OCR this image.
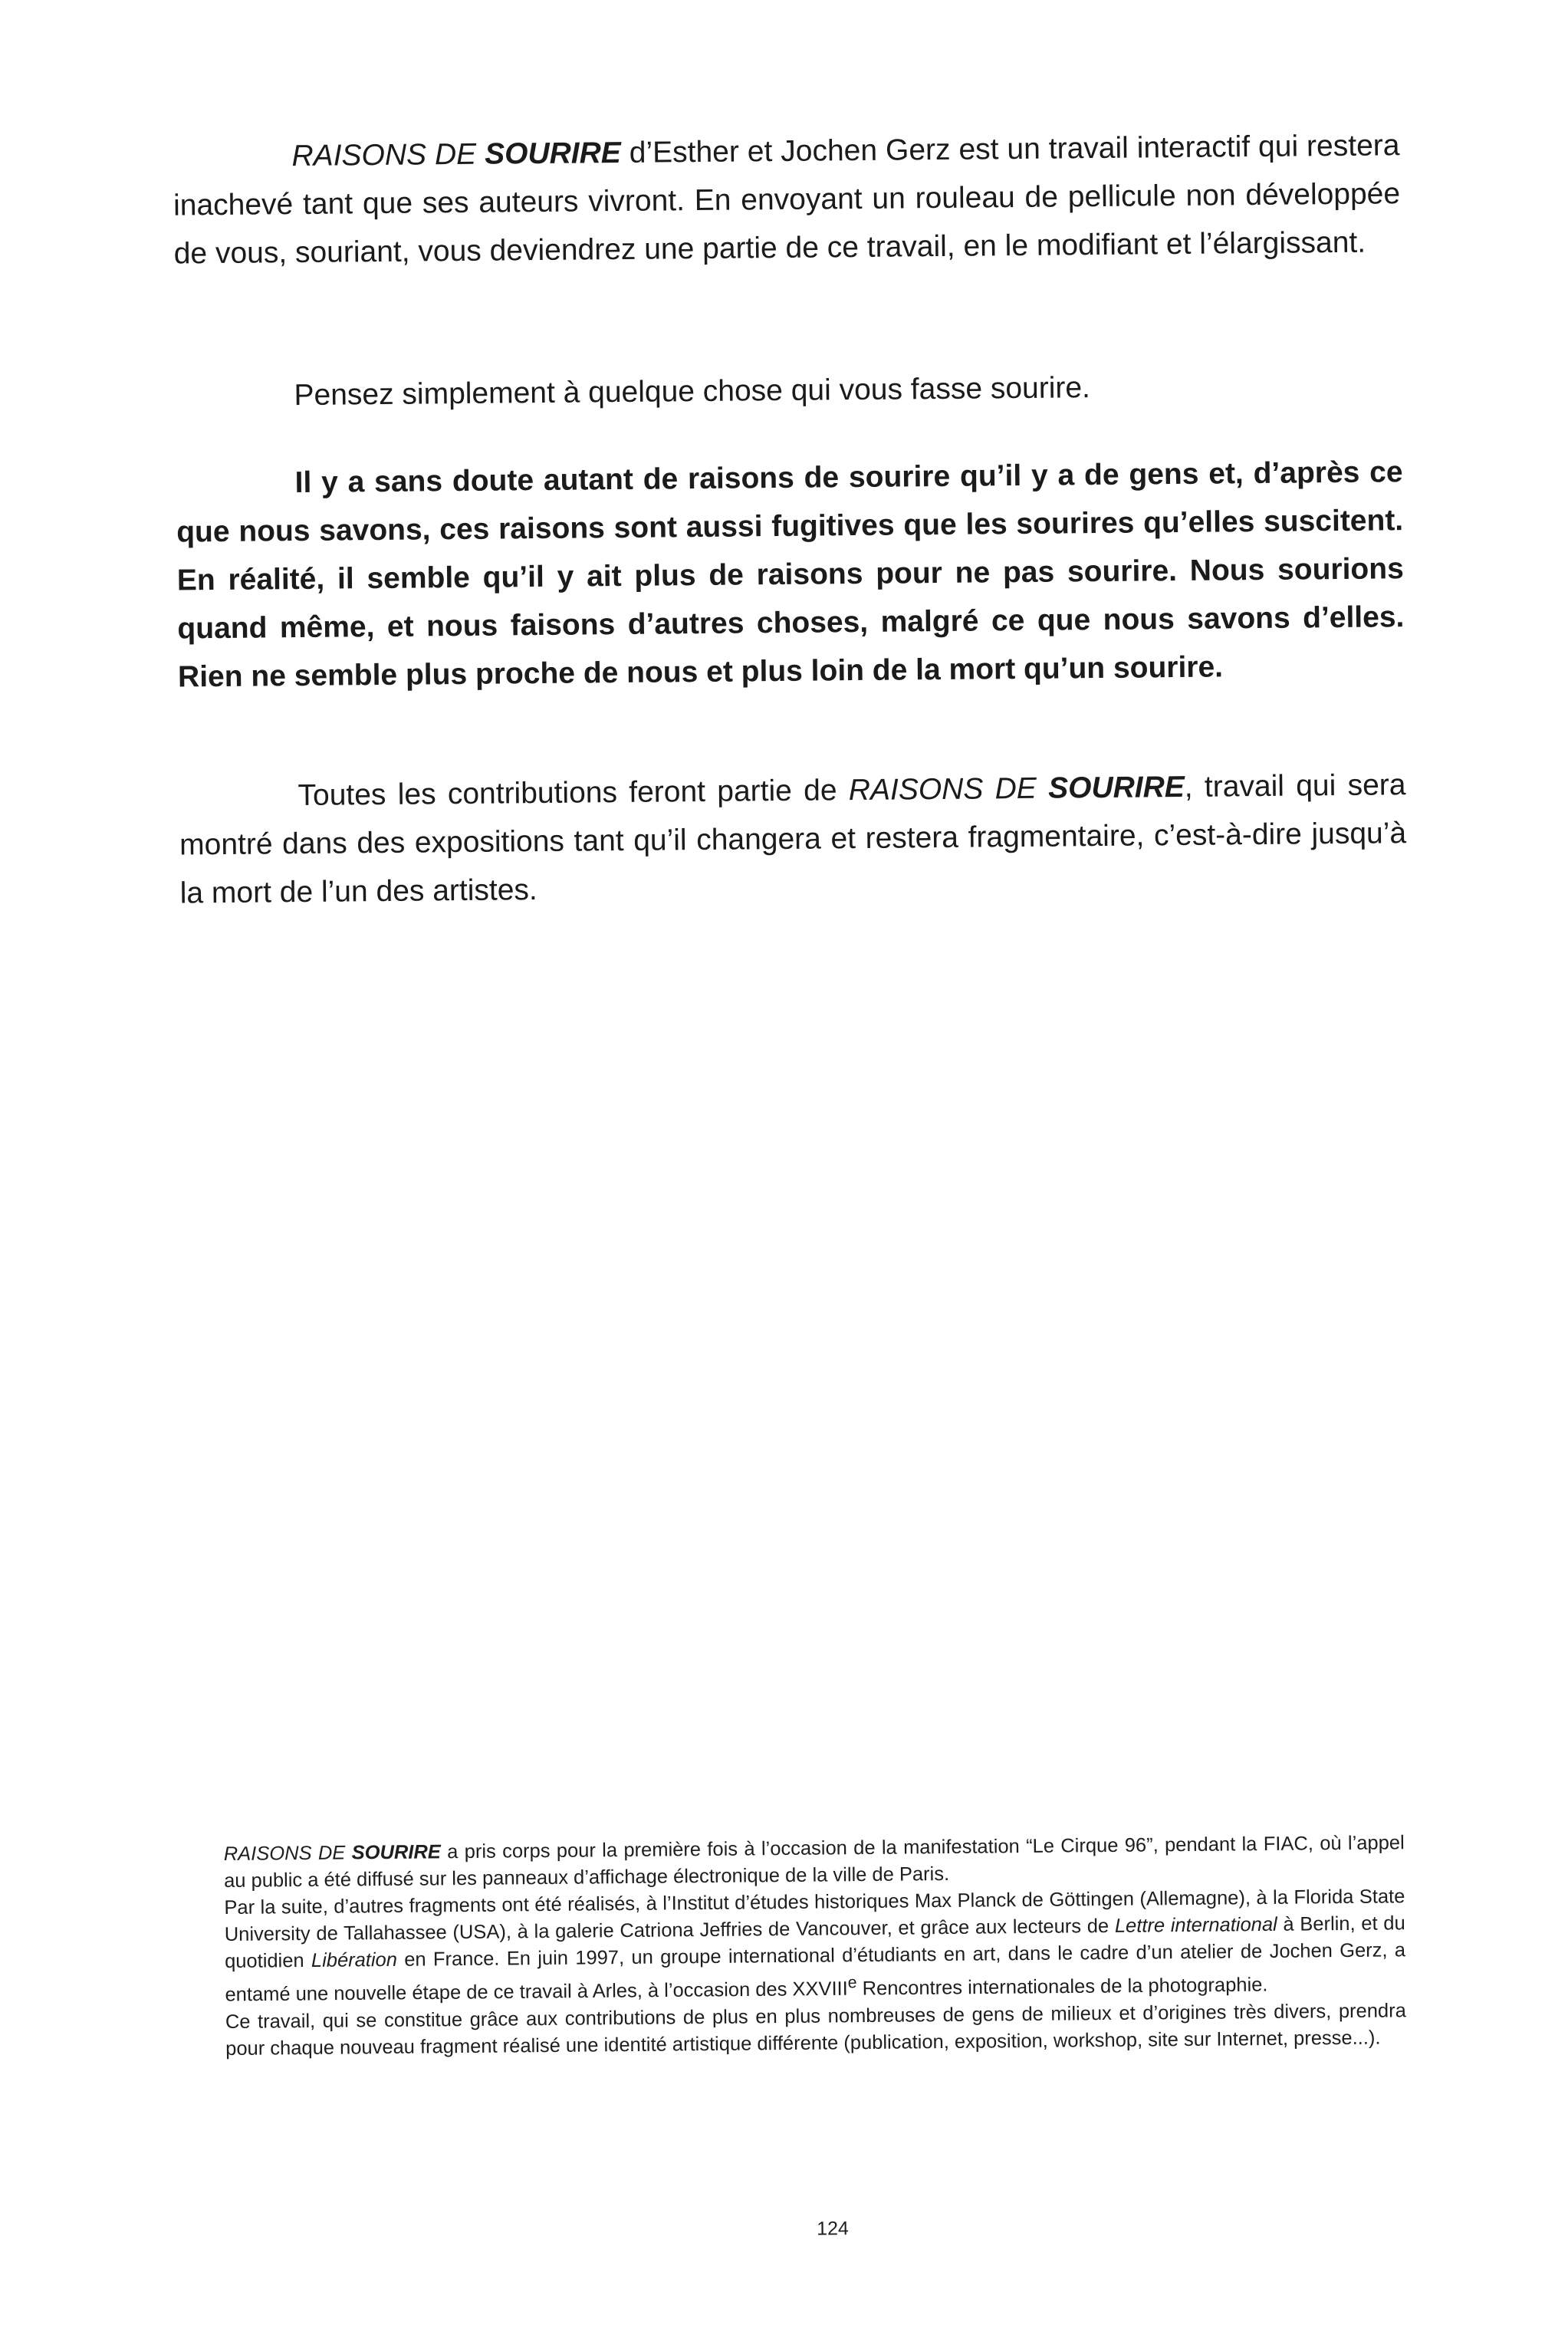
RAISONS DE SOURIRE d’Esther et Jochen Gerz est un travail interactif qui restera inachevé tant que ses auteurs vivront. En envoyant un rouleau de pellicule non développée de vous, souriant, vous deviendrez une partie de ce travail, en le modifiant et l’élargissant.

Pensez simplement à quelque chose qui vous fasse sourire.

Il y a sans doute autant de raisons de sourire qu’il y a de gens et, d’après ce que nous savons, ces raisons sont aussi fugitives que les sourires qu’elles suscitent. En réalité, il semble qu’il y ait plus de raisons pour ne pas sourire. Nous sourions quand même, et nous faisons d’autres choses, malgré ce que nous savons d’elles. Rien ne semble plus proche de nous et plus loin de la mort qu’un sourire.

Toutes les contributions feront partie de RAISONS DE SOURIRE, travail qui sera montré dans des expositions tant qu’il changera et restera fragmentaire, c’est-à-dire jusqu’à la mort de l’un des artistes.

RAISONS DE SOURIRE a pris corps pour la première fois à l’occasion de la manifestation “Le Cirque 96”, pendant la FIAC, où l’appel au public a été diffusé sur les panneaux d’affichage électronique de la ville de Paris.

Par la suite, d’autres fragments ont été réalisés, à l’Institut d’études historiques Max Planck de Göttingen (Allemagne), à la Florida State University de Tallahassee (USA), à la galerie Catriona Jeffries de Vancouver, et grâce aux lecteurs de Lettre international à Berlin, et du quotidien Libération en France. En juin 1997, un groupe international d’étudiants en art, dans le cadre d’un atelier de Jochen Gerz, a entamé une nouvelle étape de ce travail à Arles, à l’occasion des XXVIIIe Rencontres internationales de la photographie.

Ce travail, qui se constitue grâce aux contributions de plus en plus nombreuses de gens de milieux et d’origines très divers, prendra pour chaque nouveau fragment réalisé une identité artistique différente (publication, exposition, workshop, site sur Internet, presse...).

124
